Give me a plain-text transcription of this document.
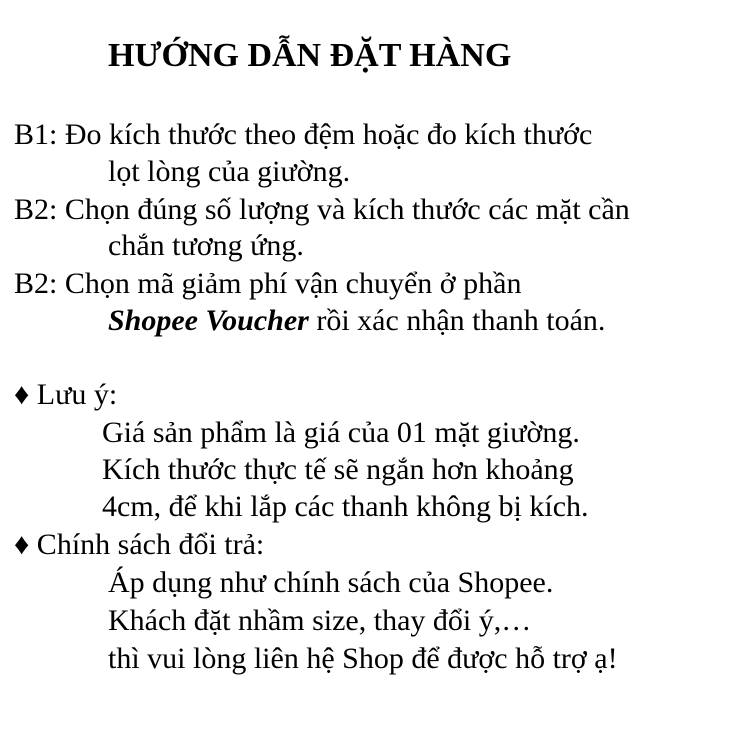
HƯỚNG DẪN ĐẶT HÀNG
B1: Đo kích thước theo đệm hoặc đo kích thước
lọt lòng của giường.
B2: Chọn đúng số lượng và kích thước các mặt cần
chắn tương ứng.
B2: Chọn mã giảm phí vận chuyển ở phần
Shopee Voucher rồi xác nhận thanh toán.
♦ Lưu ý:
Giá sản phẩm là giá của 01 mặt giường.
Kích thước thực tế sẽ ngắn hơn khoảng
4cm, để khi lắp các thanh không bị kích.
♦ Chính sách đổi trả:
Áp dụng như chính sách của Shopee.
Khách đặt nhầm size, thay đổi ý,…
thì vui lòng liên hệ Shop để được hỗ trợ ạ!
